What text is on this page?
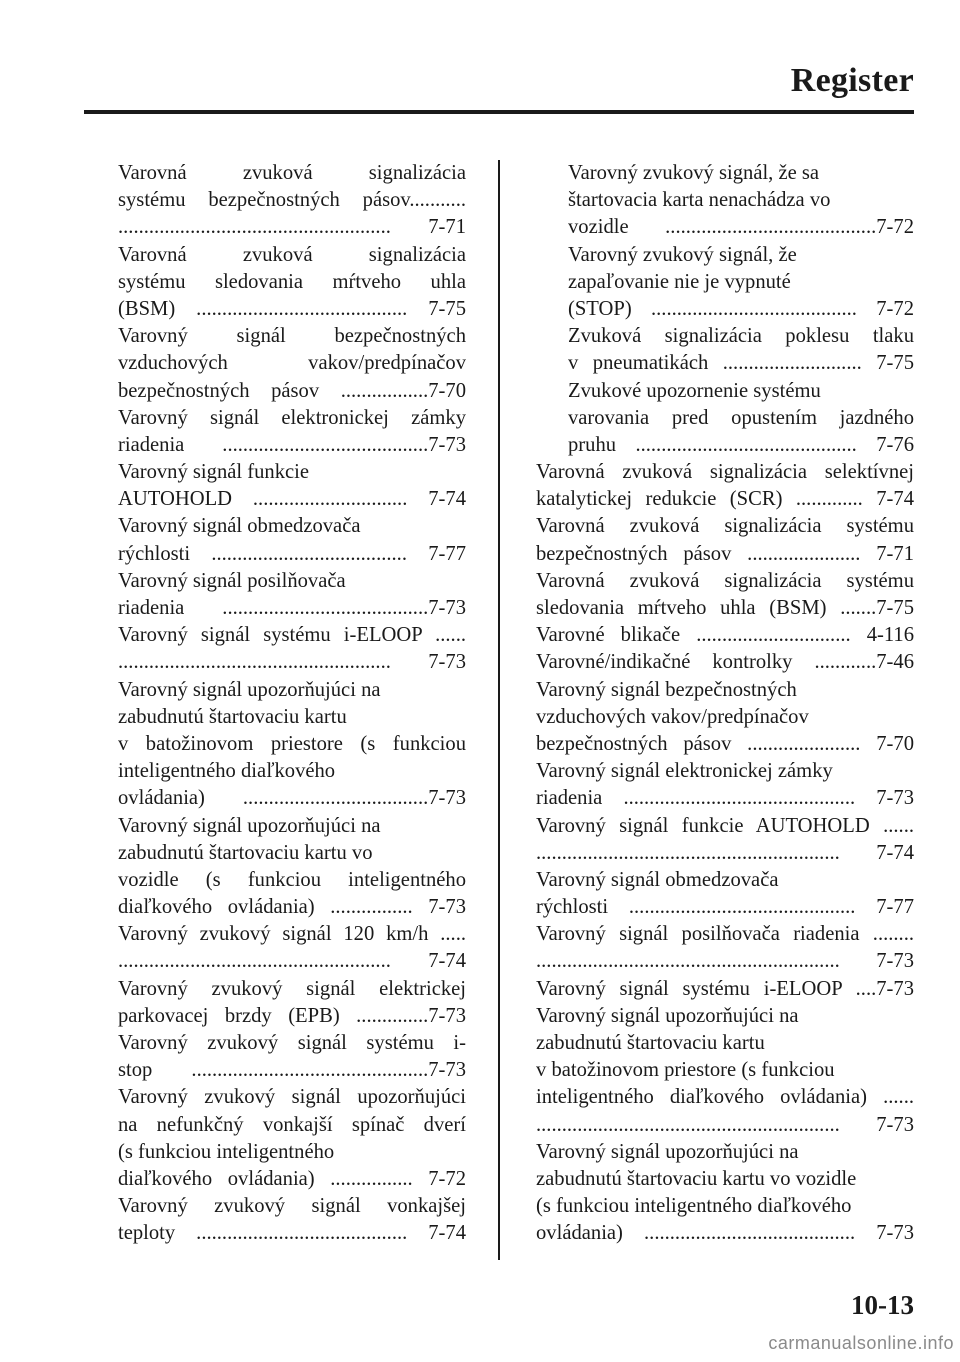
Register
Varovná zvuková signalizácia
systému bezpečnostných pásov...........
..................................................... 7-71
Varovná zvuková signalizácia
systému sledovania mŕtveho uhla
(BSM) ......................................... 7-75
Varovný signál bezpečnostných
vzduchových vakov/predpínačov
bezpečnostných pásov .................7-70
Varovný signál elektronickej zámky
riadenia ........................................7-73
Varovný signál funkcie
AUTOHOLD .............................. 7-74
Varovný signál obmedzovača
rýchlosti ...................................... 7-77
Varovný signál posilňovača
riadenia ........................................7-73
Varovný signál systému i-ELOOP ......
..................................................... 7-73
Varovný signál upozorňujúci na
zabudnutú štartovaciu kartu
v batožinovom priestore (s funkciou
inteligentného diaľkového
ovládania) ....................................7-73
Varovný signál upozorňujúci na
zabudnutú štartovaciu kartu vo
vozidle (s funkciou inteligentného
diaľkového ovládania) ................ 7-73
Varovný zvukový signál 120 km/h .....
..................................................... 7-74
Varovný zvukový signál elektrickej
parkovacej brzdy (EPB) ..............7-73
Varovný zvukový signál systému i-
stop ..............................................7-73
Varovný zvukový signál upozorňujúci
na nefunkčný vonkajší spínač dverí
(s funkciou inteligentného
diaľkového ovládania) ................ 7-72
Varovný zvukový signál vonkajšej
teploty ......................................... 7-74
Varovný zvukový signál, že sa
štartovacia karta nenachádza vo
vozidle .........................................7-72
Varovný zvukový signál, že
zapaľovanie nie je vypnuté
(STOP) ........................................ 7-72
Zvuková signalizácia poklesu tlaku
v pneumatikách ........................... 7-75
Zvukové upozornenie systému
varovania pred opustením jazdného
pruhu ........................................... 7-76
Varovná zvuková signalizácia selektívnej
katalytickej redukcie (SCR) ............. 7-74
Varovná zvuková signalizácia systému
bezpečnostných pásov ...................... 7-71
Varovná zvuková signalizácia systému
sledovania mŕtveho uhla (BSM) .......7-75
Varovné blikače .............................. 4-116
Varovné/indikačné kontrolky ............7-46
Varovný signál bezpečnostných
vzduchových vakov/predpínačov
bezpečnostných pásov ...................... 7-70
Varovný signál elektronickej zámky
riadenia ............................................. 7-73
Varovný signál funkcie AUTOHOLD ......
........................................................... 7-74
Varovný signál obmedzovača
rýchlosti ............................................ 7-77
Varovný signál posilňovača riadenia ........
........................................................... 7-73
Varovný signál systému i-ELOOP ....7-73
Varovný signál upozorňujúci na
zabudnutú štartovaciu kartu
v batožinovom priestore (s funkciou
inteligentného diaľkového ovládania) ......
........................................................... 7-73
Varovný signál upozorňujúci na
zabudnutú štartovaciu kartu vo vozidle
(s funkciou inteligentného diaľkového
ovládania) ......................................... 7-73
10-13
carmanualsonline.info
